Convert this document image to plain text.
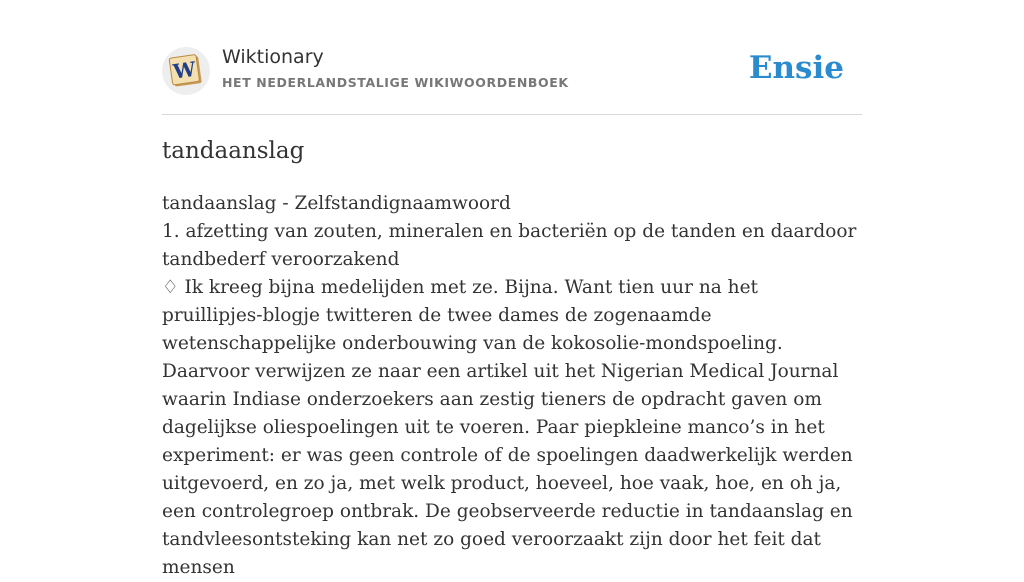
W Wiktionary
HET NEDERLANDSTALIGE WIKIWOORDENBOEK	Ensie
tandaanslag

tandaanslag - Zelfstandignaamwoord

1. afzetting van zouten, mineralen en bacteriën op de tanden en daardoor tandbederf veroorzakend

♢ Ik kreeg bijna medelijden met ze. Bijna. Want tien uur na het pruillipjes-blogje twitteren de twee dames de zogenaamde wetenschappelijke onderbouwing van de kokosolie-mondspoeling. Daarvoor verwijzen ze naar een artikel uit het Nigerian Medical Journal waarin Indiase onderzoekers aan zestig tieners de opdracht gaven om dagelijkse oliespoelingen uit te voeren. Paar piepkleine manco’s in het experiment: er was geen controle of de spoelingen daadwerkelijk werden uitgevoerd, en zo ja, met welk product, hoeveel, hoe vaak, hoe, en oh ja, een controlegroep ontbrak. De geobserveerde reductie in tandaanslag en tandvleesontsteking kan net zo goed veroorzaakt zijn door het feit dat mensen
